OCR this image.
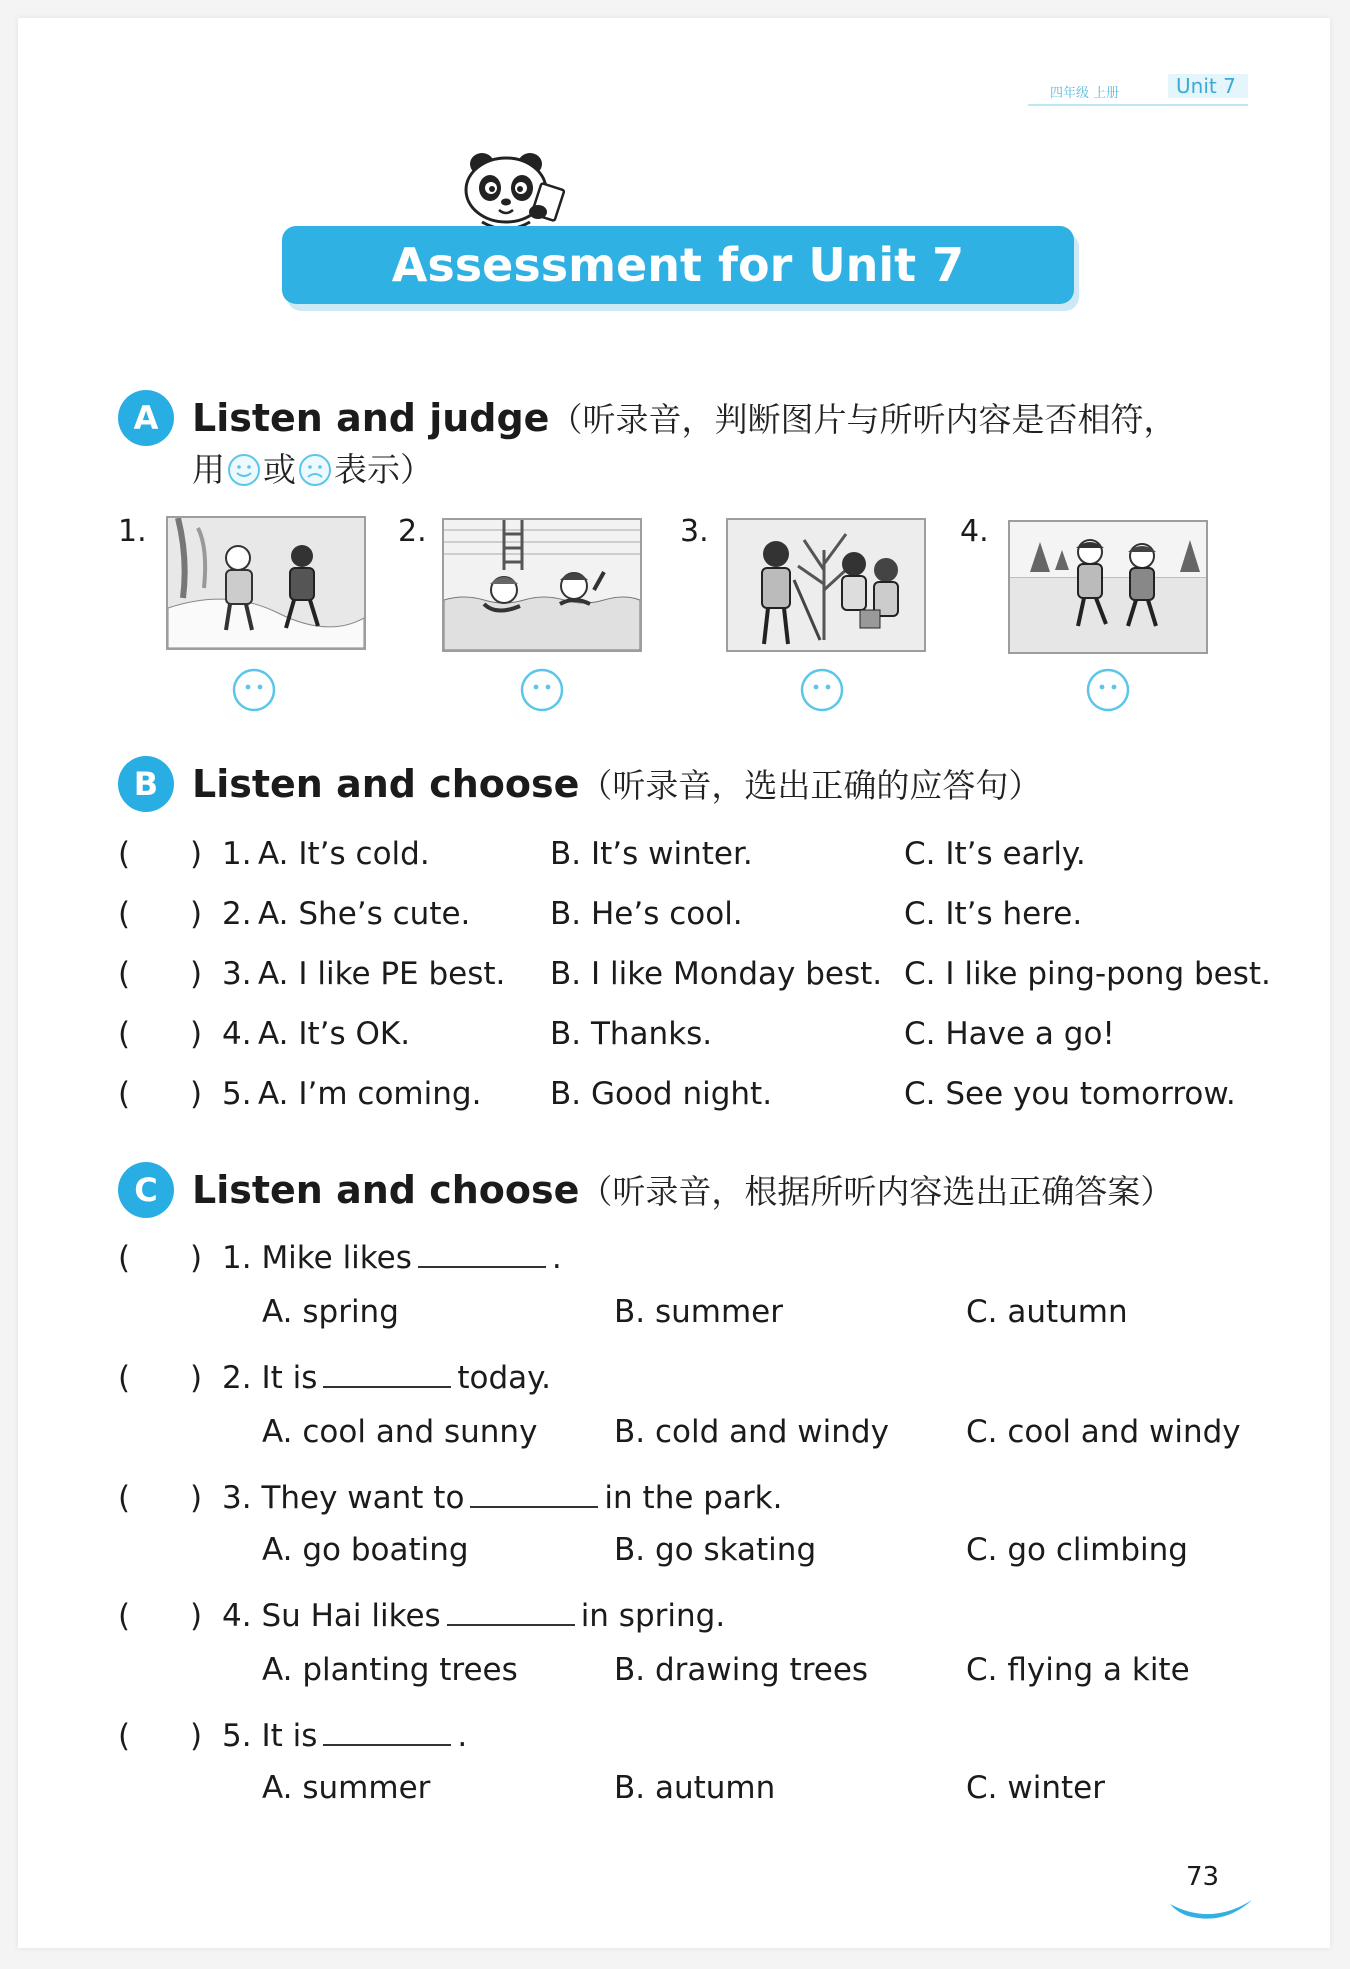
四年级 上册	Unit 7
Assessment for Unit 7
A Listen and judge（听录音，判断图片与所听内容是否相符，
用 或 表示）
1.	2.	3.	4.
B Listen and choose（听录音，选出正确的应答句）
( ) 1. A. It’s cold.	B. It’s winter.	C. It’s early.
( ) 2. A. She’s cute.	B. He’s cool.	C. It’s here.
( ) 3. A. I like PE best. B. I like Monday best. C. I like ping-pong best.
( ) 4. A. It’s OK.	B. Thanks.	C. Have a go!
( ) 5. A. I’m coming. B. Good night.	C. See you tomorrow.
C Listen and choose（听录音，根据所听内容选出正确答案）
( ) 1. Mike likes	.
A. spring	B. summer	C. autumn
( ) 2. It is	today.
A. cool and sunny B. cold and windy C. cool and windy
( ) 3. They want to	in the park.
A. go boating	B. go skating	C. go climbing
( ) 4. Su Hai likes	in spring.
A. planting trees	B. drawing trees	C. flying a kite
( ) 5. It is	.
A. summer	B. autumn	C. winter
73
